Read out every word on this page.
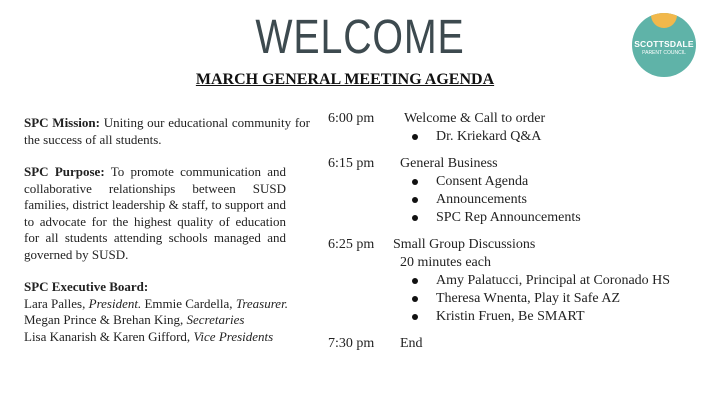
WELCOME
MARCH GENERAL MEETING AGENDA
SCOTTSDALE
PARENT COUNCIL

SPC Mission: Uniting our educational community for the success of all students.

SPC Purpose: To promote communication and collaborative relationships between SUSD families, district leadership & staff, to support and to advocate for the highest quality of education for all students attending schools managed and governed by SUSD.

SPC Executive Board:
Lara Palles, President. Emmie Cardella, Treasurer.
Megan Prince & Brehan King, Secretaries
Lisa Kanarish & Karen Gifford, Vice Presidents
6:00 pm	Welcome & Call to order
Dr. Kriekard Q&A
6:15 pm	General Business
Consent Agenda
Announcements
SPC Rep Announcements
6:25 pm	Small Group Discussions
20 minutes each
Amy Palatucci, Principal at Coronado HS
Theresa Wnenta, Play it Safe AZ
Kristin Fruen, Be SMART
7:30 pm	End
